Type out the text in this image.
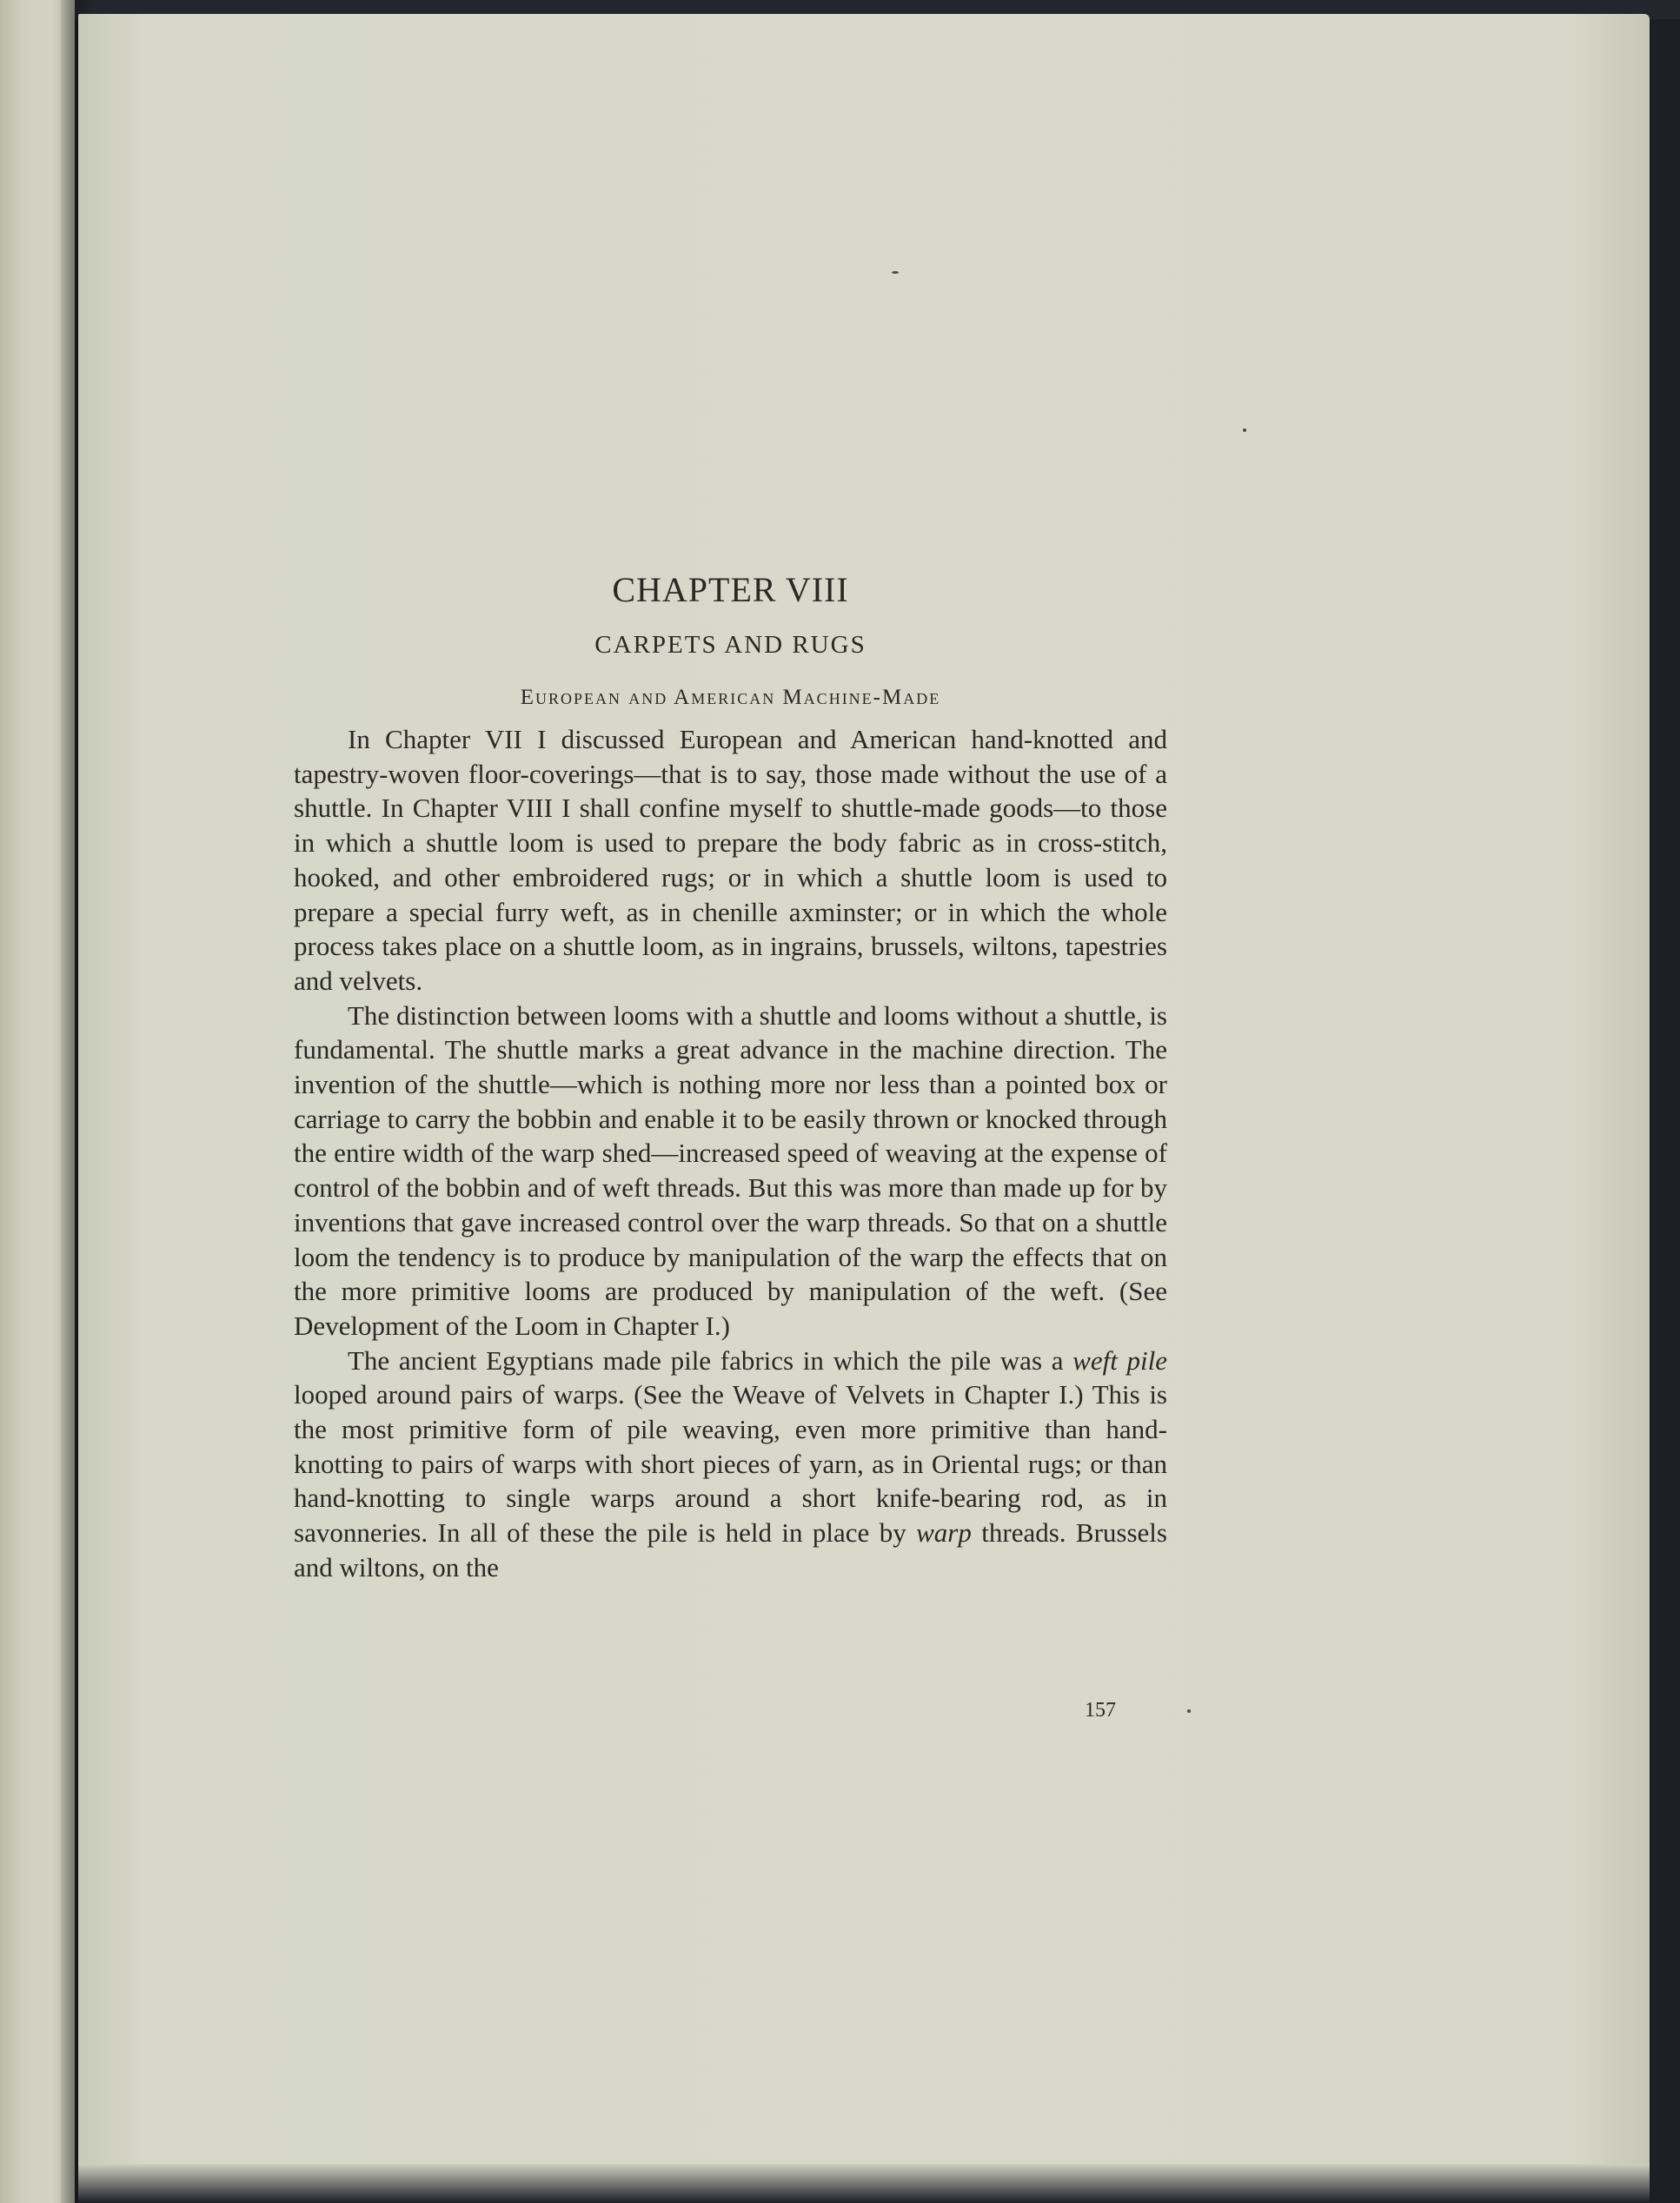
CHAPTER VIII
CARPETS AND RUGS
European and American Machine-Made

In Chapter VII I discussed European and American hand-knotted and tapestry-woven floor-coverings—that is to say, those made without the use of a shuttle. In Chapter VIII I shall confine myself to shuttle-made goods—to those in which a shuttle loom is used to prepare the body fabric as in cross-stitch, hooked, and other embroidered rugs; or in which a shuttle loom is used to prepare a special furry weft, as in chenille axminster; or in which the whole process takes place on a shuttle loom, as in ingrains, brussels, wiltons, tapestries and velvets.

The distinction between looms with a shuttle and looms without a shuttle, is fundamental. The shuttle marks a great advance in the machine direction. The invention of the shuttle—which is nothing more nor less than a pointed box or carriage to carry the bobbin and enable it to be easily thrown or knocked through the entire width of the warp shed—increased speed of weaving at the expense of control of the bobbin and of weft threads. But this was more than made up for by inventions that gave increased control over the warp threads. So that on a shuttle loom the tendency is to produce by manipulation of the warp the effects that on the more primitive looms are produced by manipulation of the weft. (See Development of the Loom in Chapter I.)

The ancient Egyptians made pile fabrics in which the pile was a weft pile looped around pairs of warps. (See the Weave of Velvets in Chapter I.) This is the most primitive form of pile weaving, even more primitive than hand-knotting to pairs of warps with short pieces of yarn, as in Oriental rugs; or than hand-knotting to single warps around a short knife-bearing rod, as in savonneries. In all of these the pile is held in place by warp threads. Brussels and wiltons, on the

157
